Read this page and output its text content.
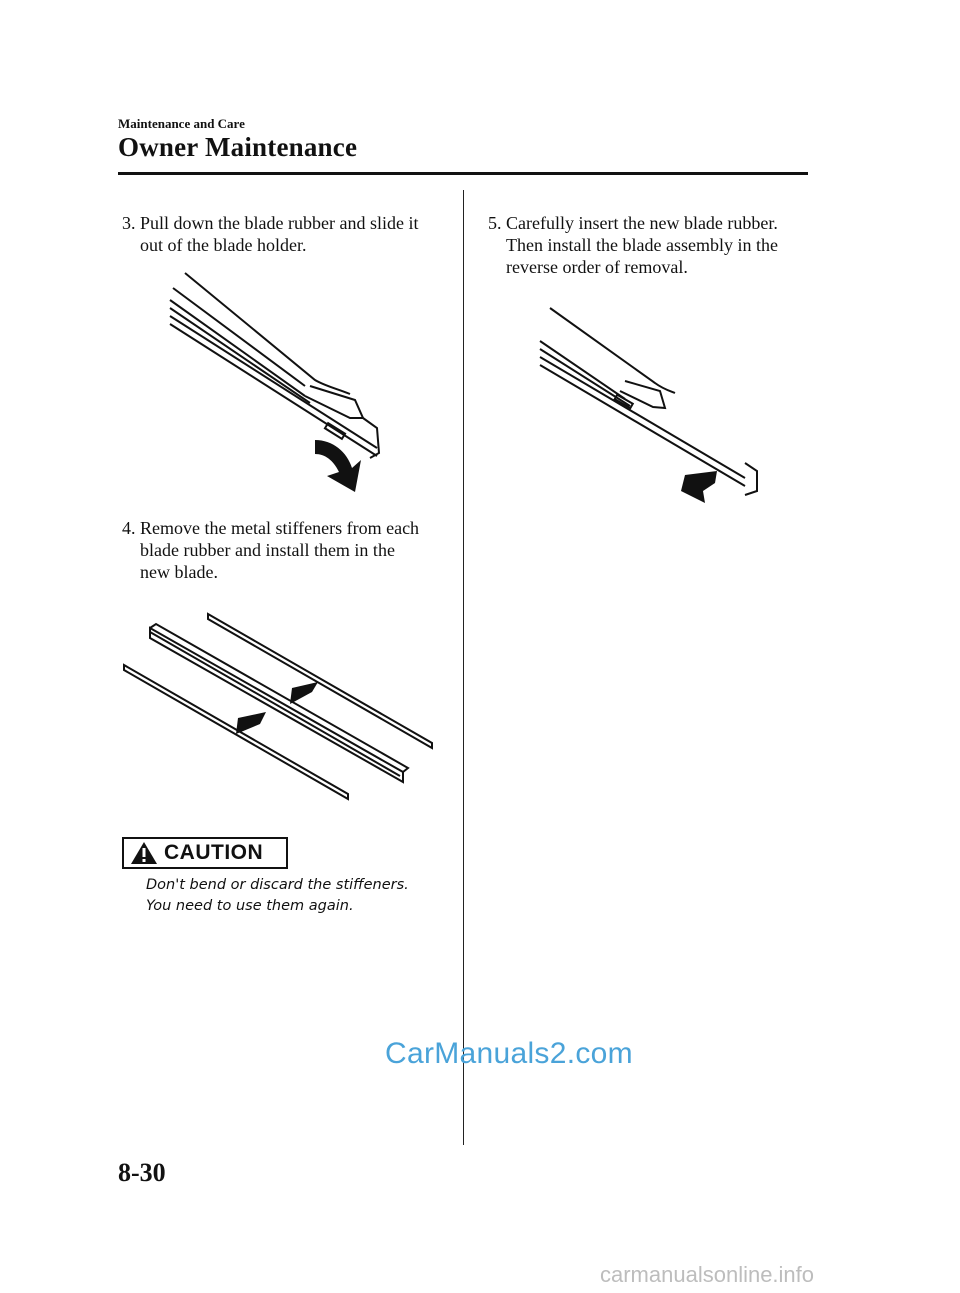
Maintenance and Care
Owner Maintenance
3. Pull down the blade rubber and slide it
out of the blade holder.
4. Remove the metal stiffeners from each
blade rubber and install them in the
new blade.
CAUTION
Don't bend or discard the stiffeners.
You need to use them again.
5. Carefully insert the new blade rubber.
Then install the blade assembly in the
reverse order of removal.
CarManuals2.com
8-30
carmanualsonline.info
